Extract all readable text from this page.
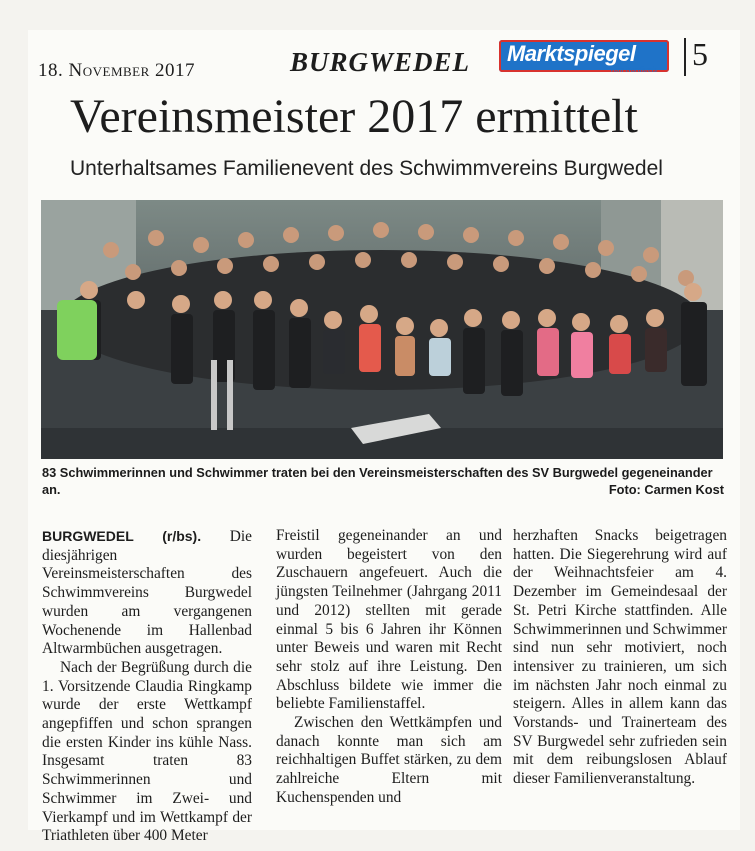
18. November 2017	BURGWEDEL Marktspiegel
vom Nordkreis 5
Vereinsmeister 2017 ermittelt
Unterhaltsames Familienevent des Schwimmvereins Burgwedel
83 Schwimmerinnen und Schwimmer traten bei den Vereinsmeisterschaften des SV Burgwedel gegeneinander an.	Foto: Carmen Kost

BURGWEDEL (r/bs). Die diesjährigen Vereinsmeisterschaften des Schwimmvereins Burgwedel wurden am vergangenen Wochenende im Hallenbad Altwarmbüchen ausgetragen.

Nach der Begrüßung durch die 1. Vorsitzende Claudia Ringkamp wurde der erste Wettkampf angepfiffen und schon sprangen die ersten Kinder ins kühle Nass. Insgesamt traten 83 Schwimmerinnen und Schwimmer im Zwei- und Vierkampf und im Wettkampf der Triathleten über 400 Meter

Freistil gegeneinander an und wurden begeistert von den Zuschauern angefeuert. Auch die jüngsten Teilnehmer (Jahrgang 2011 und 2012) stellten mit gerade einmal 5 bis 6 Jahren ihr Können unter Beweis und waren mit Recht sehr stolz auf ihre Leistung. Den Abschluss bildete wie immer die beliebte Familienstaffel.

Zwischen den Wettkämpfen und danach konnte man sich am reichhaltigen Buffet stärken, zu dem zahlreiche Eltern mit Kuchenspenden und

herzhaften Snacks beigetragen hatten. Die Siegerehrung wird auf der Weihnachtsfeier am 4. Dezember im Gemeindesaal der St. Petri Kirche stattfinden. Alle Schwimmerinnen und Schwimmer sind nun sehr motiviert, noch intensiver zu trainieren, um sich im nächsten Jahr noch einmal zu steigern. Alles in allem kann das Vorstands- und Trainerteam des SV Burgwedel sehr zufrieden sein mit dem reibungslosen Ablauf dieser Familienveranstaltung.
